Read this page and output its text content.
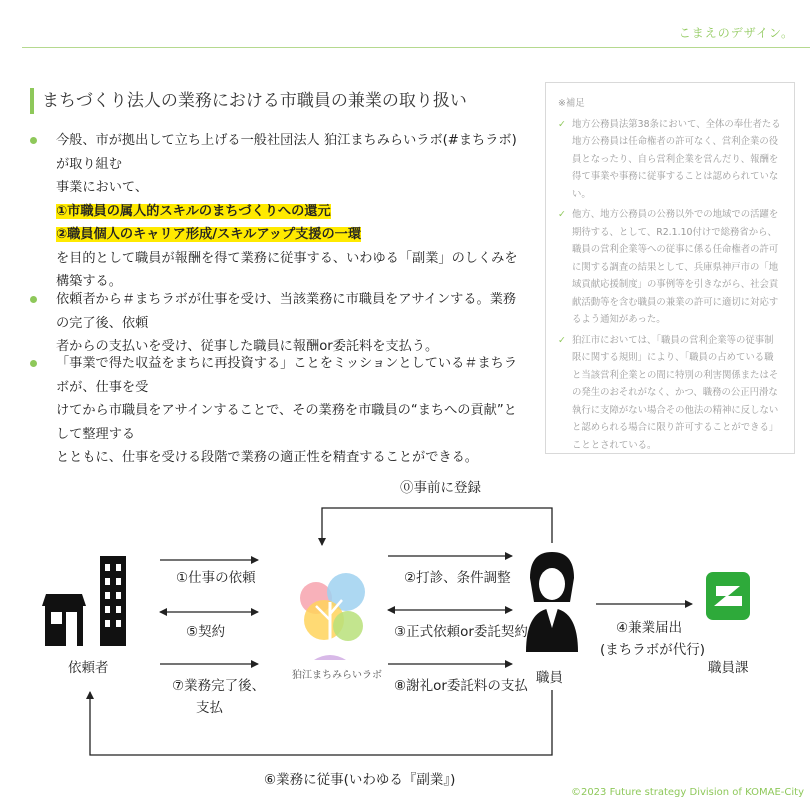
こまえのデザイン。
まちづくり法人の業務における市職員の兼業の取り扱い
今般、市が拠出して立ち上げる一般社団法人 狛江まちみらいラボ(#まちラボ)が取り組む
事業において、
①市職員の属人的スキルのまちづくりへの還元
②職員個人のキャリア形成/スキルアップ支援の一環
を目的として職員が報酬を得て業務に従事する、いわゆる「副業」のしくみを構築する。
依頼者から＃まちラボが仕事を受け、当該業務に市職員をアサインする。業務の完了後、依頼
者からの支払いを受け、従事した職員に報酬or委託料を支払う。
「事業で得た収益をまちに再投資する」ことをミッションとしている＃まちラボが、仕事を受
けてから市職員をアサインすることで、その業務を市職員の“まちへの貢献”として整理する
とともに、仕事を受ける段階で業務の適正性を精査することができる。
※補足
✓ 地方公務員法第38条において、全体の奉仕者たる地方公務員は任命権者の許可なく、営利企業の役員となったり、自ら営利企業を営んだり、報酬を得て事業や事務に従事することは認められていない。
✓ 他方、地方公務員の公務以外での地域での活躍を期待する、として、R2.1.10付けで総務省から、職員の営利企業等への従事に係る任命権者の許可に関する調査の結果として、兵庫県神戸市の「地域貢献応援制度」の事例等を引きながら、社会貢献活動等を含む職員の兼業の許可に適切に対応するよう通知があった。
✓ 狛江市においては、「職員の営利企業等の従事制限に関する規則」により、「職員の占めている職と当該営利企業との間に特別の利害関係またはその発生のおそれがなく、かつ、職務の公正円滑な執行に支障がない場合その他法の精神に反しないと認められる場合に限り許可することができる」こととされている。
依頼者	狛江まちみらいラボ	職員
職員課
⓪事前に登録
①仕事の依頼
⑤契約
⑦業務完了後、
支払
②打診、条件調整
③正式依頼or委託契約
⑧謝礼or委託料の支払
④兼業届出
(まちラボが代行)
⑥業務に従事(いわゆる『副業』)
©2023 Future strategy Division of KOMAE-City
